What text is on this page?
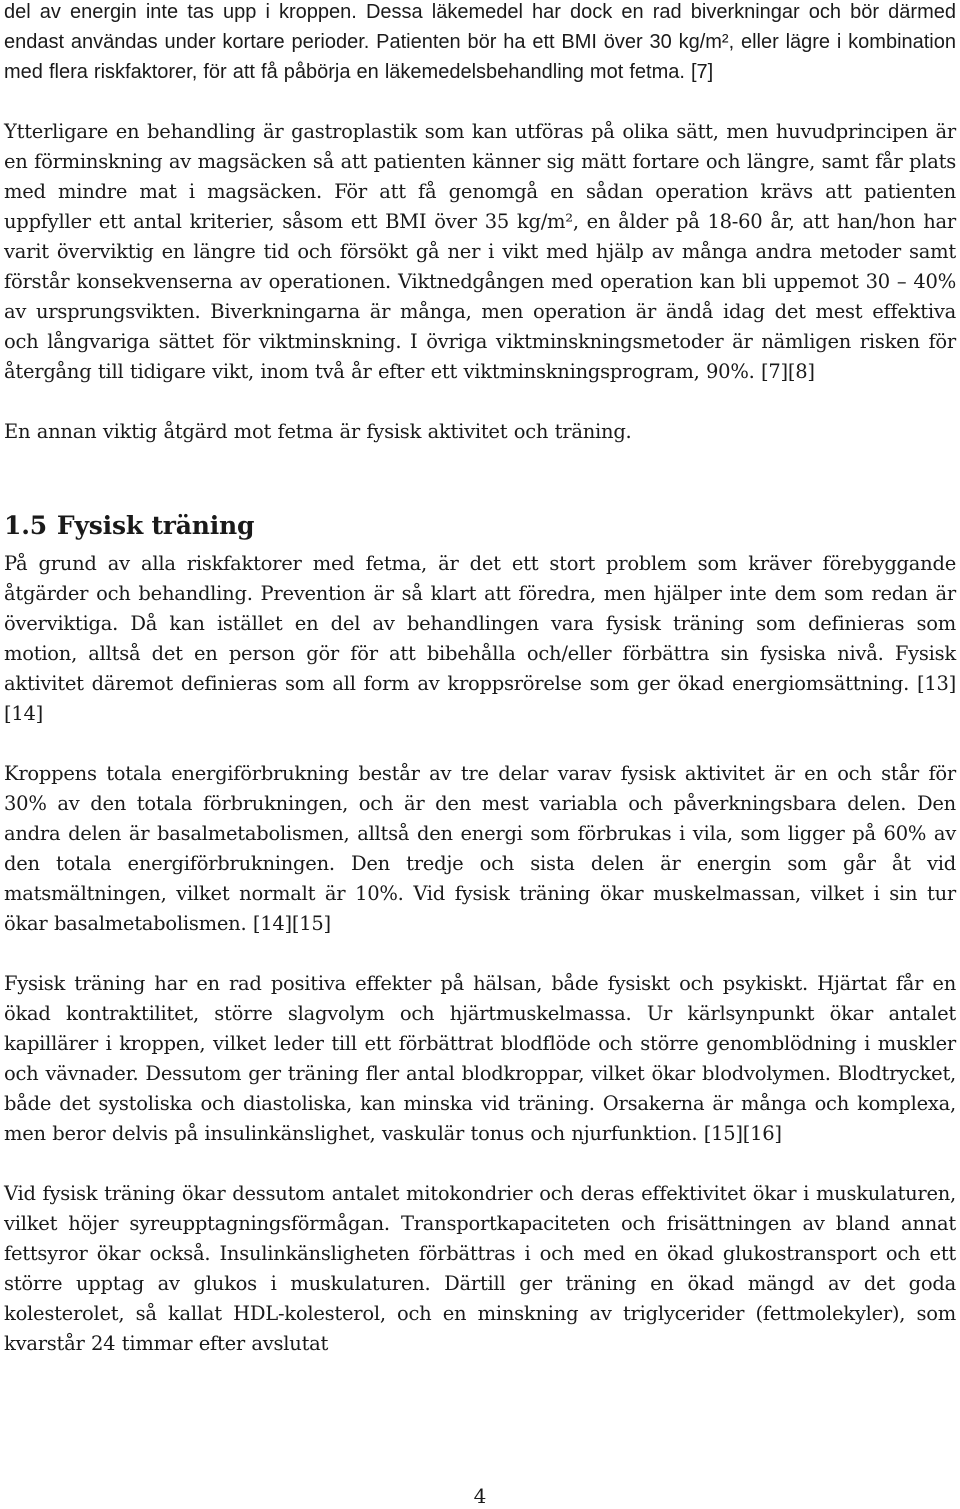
del av energin inte tas upp i kroppen. Dessa läkemedel har dock en rad biverkningar och bör därmed endast användas under kortare perioder. Patienten bör ha ett BMI över 30 kg/m², eller lägre i kombination med flera riskfaktorer, för att få påbörja en läkemedelsbehandling mot fetma. [7]

Ytterligare en behandling är gastroplastik som kan utföras på olika sätt, men huvudprincipen är en förminskning av magsäcken så att patienten känner sig mätt fortare och längre, samt får plats med mindre mat i magsäcken. För att få genomgå en sådan operation krävs att patienten uppfyller ett antal kriterier, såsom ett BMI över 35 kg/m², en ålder på 18-60 år, att han/hon har varit överviktig en längre tid och försökt gå ner i vikt med hjälp av många andra metoder samt förstår konsekvenserna av operationen. Viktnedgången med operation kan bli uppemot 30 – 40% av ursprungsvikten. Biverkningarna är många, men operation är ändå idag det mest effektiva och långvariga sättet för viktminskning. I övriga viktminskningsmetoder är nämligen risken för återgång till tidigare vikt, inom två år efter ett viktminskningsprogram, 90%. [7][8]

En annan viktig åtgärd mot fetma är fysisk aktivitet och träning.

1.5 Fysisk träning

På grund av alla riskfaktorer med fetma, är det ett stort problem som kräver förebyggande åtgärder och behandling. Prevention är så klart att föredra, men hjälper inte dem som redan är överviktiga. Då kan istället en del av behandlingen vara fysisk träning som definieras som motion, alltså det en person gör för att bibehålla och/eller förbättra sin fysiska nivå. Fysisk aktivitet däremot definieras som all form av kroppsrörelse som ger ökad energiomsättning. [13][14]

Kroppens totala energiförbrukning består av tre delar varav fysisk aktivitet är en och står för 30% av den totala förbrukningen, och är den mest variabla och påverkningsbara delen. Den andra delen är basalmetabolismen, alltså den energi som förbrukas i vila, som ligger på 60% av den totala energiförbrukningen. Den tredje och sista delen är energin som går åt vid matsmältningen, vilket normalt är 10%. Vid fysisk träning ökar muskelmassan, vilket i sin tur ökar basalmetabolismen. [14][15]

Fysisk träning har en rad positiva effekter på hälsan, både fysiskt och psykiskt. Hjärtat får en ökad kontraktilitet, större slagvolym och hjärtmuskelmassa. Ur kärlsynpunkt ökar antalet kapillärer i kroppen, vilket leder till ett förbättrat blodflöde och större genomblödning i muskler och vävnader. Dessutom ger träning fler antal blodkroppar, vilket ökar blodvolymen. Blodtrycket, både det systoliska och diastoliska, kan minska vid träning. Orsakerna är många och komplexa, men beror delvis på insulinkänslighet, vaskulär tonus och njurfunktion. [15][16]

Vid fysisk träning ökar dessutom antalet mitokondrier och deras effektivitet ökar i muskulaturen, vilket höjer syreupptagningsförmågan. Transportkapaciteten och frisättningen av bland annat fettsyror ökar också. Insulinkänsligheten förbättras i och med en ökad glukostransport och ett större upptag av glukos i muskulaturen. Därtill ger träning en ökad mängd av det goda kolesterolet, så kallat HDL-kolesterol, och en minskning av triglycerider (fettmolekyler), som kvarstår 24 timmar efter avslutat

4
